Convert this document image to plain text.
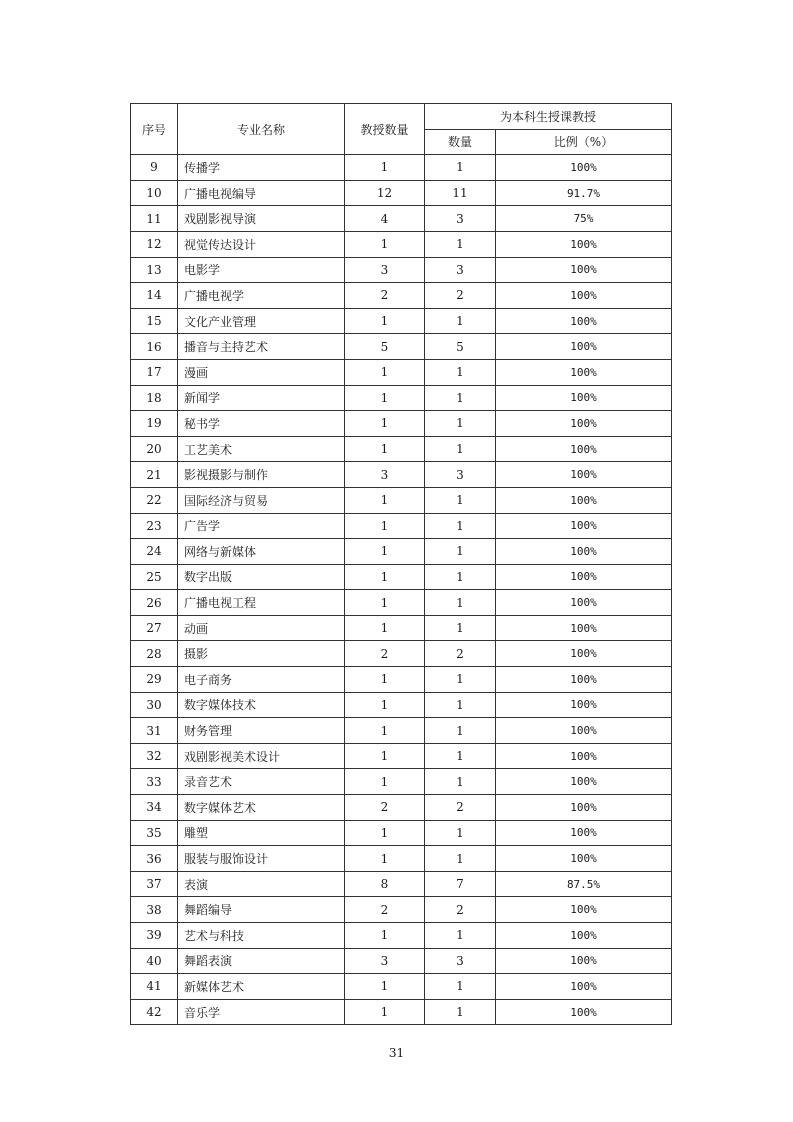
序号	专业名称	教授数量	为本科生授课教授	
			数量	比例（%）
9	传播学	1	1	100%
10	广播电视编导	12	11	91.7%
11	戏剧影视导演	4	3	75%
12	视觉传达设计	1	1	100%
13	电影学	3	3	100%
14	广播电视学	2	2	100%
15	文化产业管理	1	1	100%
16	播音与主持艺术	5	5	100%
17	漫画	1	1	100%
18	新闻学	1	1	100%
19	秘书学	1	1	100%
20	工艺美术	1	1	100%
21	影视摄影与制作	3	3	100%
22	国际经济与贸易	1	1	100%
23	广告学	1	1	100%
24	网络与新媒体	1	1	100%
25	数字出版	1	1	100%
26	广播电视工程	1	1	100%
27	动画	1	1	100%
28	摄影	2	2	100%
29	电子商务	1	1	100%
30	数字媒体技术	1	1	100%
31	财务管理	1	1	100%
32	戏剧影视美术设计	1	1	100%
33	录音艺术	1	1	100%
34	数字媒体艺术	2	2	100%
35	雕塑	1	1	100%
36	服装与服饰设计	1	1	100%
37	表演	8	7	87.5%
38	舞蹈编导	2	2	100%
39	艺术与科技	1	1	100%
40	舞蹈表演	3	3	100%
41	新媒体艺术	1	1	100%
42	音乐学	1	1	100%
31
